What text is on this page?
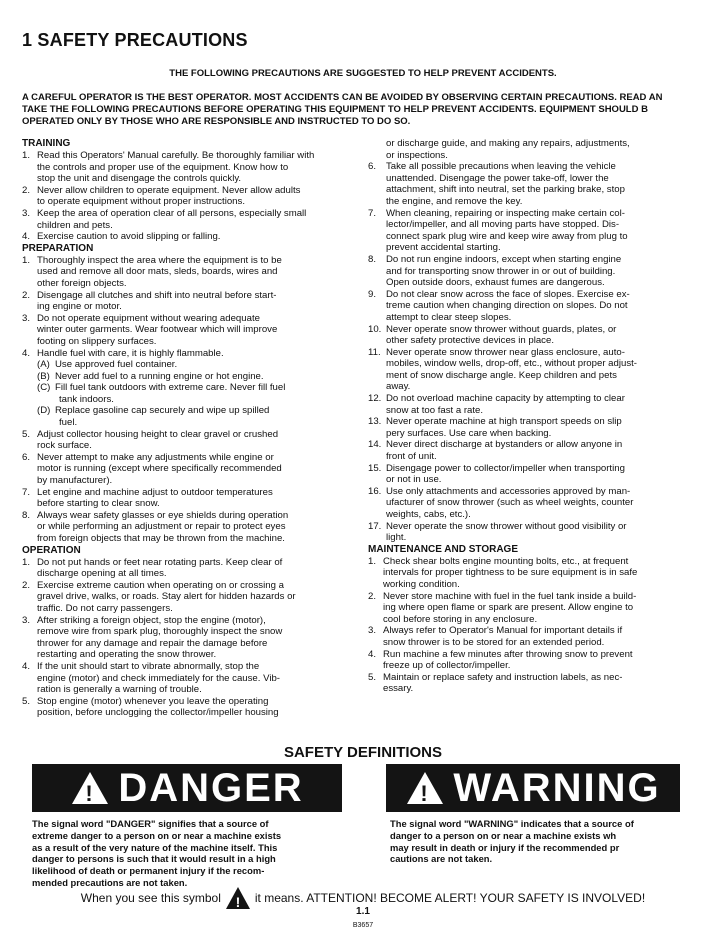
1 SAFETY PRECAUTIONS
THE FOLLOWING PRECAUTIONS ARE SUGGESTED TO HELP PREVENT ACCIDENTS.
A CAREFUL OPERATOR IS THE BEST OPERATOR. MOST ACCIDENTS CAN BE AVOIDED BY OBSERVING CERTAIN PRECAUTIONS. READ AN
TAKE THE FOLLOWING PRECAUTIONS BEFORE OPERATING THIS EQUIPMENT TO HELP PREVENT ACCIDENTS. EQUIPMENT SHOULD B
OPERATED ONLY BY THOSE WHO ARE RESPONSIBLE AND INSTRUCTED TO DO SO.
TRAINING
1. Read this Operators' Manual carefully. Be thoroughly familiar with
the controls and proper use of the equipment. Know how to
stop the unit and disengage the controls quickly.
2. Never allow children to operate equipment. Never allow adults
to operate equipment without proper instructions.
3. Keep the area of operation clear of all persons, especially small
children and pets.
4. Exercise caution to avoid slipping or falling.
PREPARATION
1. Thoroughly inspect the area where the equipment is to be
used and remove all door mats, sleds, boards, wires and
other foreign objects.
2. Disengage all clutches and shift into neutral before start-
ing engine or motor.
3. Do not operate equipment without wearing adequate
winter outer garments. Wear footwear which will improve
footing on slippery surfaces.
4. Handle fuel with care, it is highly flammable.
(A) Use approved fuel container.
(B) Never add fuel to a running engine or hot engine.
(C) Fill fuel tank outdoors with extreme care. Never fill fuel
tank indoors.
(D) Replace gasoline cap securely and wipe up spilled
fuel.
5. Adjust collector housing height to clear gravel or crushed
rock surface.
6. Never attempt to make any adjustments while engine or
motor is running (except where specifically recommended
by manufacturer).
7. Let engine and machine adjust to outdoor temperatures
before starting to clear snow.
8. Always wear safety glasses or eye shields during operation
or while performing an adjustment or repair to protect eyes
from foreign objects that may be thrown from the machine.
OPERATION
1. Do not put hands or feet near rotating parts. Keep clear of
discharge opening at all times.
2. Exercise extreme caution when operating on or crossing a
gravel drive, walks, or roads. Stay alert for hidden hazards or
traffic. Do not carry passengers.
3. After striking a foreign object, stop the engine (motor),
remove wire from spark plug, thoroughly inspect the snow
thrower for any damage and repair the damage before
restarting and operating the snow thrower.
4. If the unit should start to vibrate abnormally, stop the
engine (motor) and check immediately for the cause. Vib-
ration is generally a warning of trouble.
5. Stop engine (motor) whenever you leave the operating
position, before unclogging the collector/impeller housing
or discharge guide, and making any repairs, adjustments,
or inspections.
6.	Take all possible precautions when leaving the vehicle
unattended. Disengage the power take-off, lower the
attachment, shift into neutral, set the parking brake, stop
the engine, and remove the key.
7.	When cleaning, repairing or inspecting make certain col-
lector/impeller, and all moving parts have stopped. Dis-
connect spark plug wire and keep wire away from plug to
prevent accidental starting.
8.	Do not run engine indoors, except when starting engine
and for transporting snow thrower in or out of building.
Open outside doors, exhaust fumes are dangerous.
9.	Do not clear snow across the face of slopes. Exercise ex-
treme caution when changing direction on slopes. Do not
attempt to clear steep slopes.
10. Never operate snow thrower without guards, plates, or
other safety protective devices in place.
11. Never operate snow thrower near glass enclosure, auto-
mobiles, window wells, drop-off, etc., without proper adjust-
ment of snow discharge angle. Keep children and pets
away.
12. Do not overload machine capacity by attempting to clear
snow at too fast a rate.
13. Never operate machine at high transport speeds on slip
pery surfaces. Use care when backing.
14. Never direct discharge at bystanders or allow anyone in
front of unit.
15. Disengage power to collector/impeller when transporting
or not in use.
16. Use only attachments and accessories approved by man-
ufacturer of snow thrower (such as wheel weights, counter
weights, cabs, etc.).
17. Never operate the snow thrower without good visibility or
light.
MAINTENANCE AND STORAGE
1. Check shear bolts engine mounting bolts, etc., at frequent
intervals for proper tightness to be sure equipment is in safe
working condition.
2. Never store machine with fuel in the fuel tank inside a build-
ing where open flame or spark are present. Allow engine to
cool before storing in any enclosure.
3. Always refer to Operator's Manual for important details if
snow thrower is to be stored for an extended period.
4. Run machine a few minutes after throwing snow to prevent
freeze up of collector/impeller.
5. Maintain or replace safety and instruction labels, as nec-
essary.
SAFETY DEFINITIONS
! DANGER	! WARNING
The signal word "DANGER" signifies that a source of
extreme danger to a person on or near a machine exists
as a result of the very nature of the machine itself. This
danger to persons is such that it would result in a high
likelihood of death or permanent injury if the recom-
mended precautions are not taken.
The signal word "WARNING" indicates that a source of
danger to a person on or near a machine exists wh
may result in death or injury if the recommended pr
cautions are not taken.
When you see this symbol ! it means. ATTENTION! BECOME ALERT! YOUR SAFETY IS INVOLVED!
1.1
B3657
